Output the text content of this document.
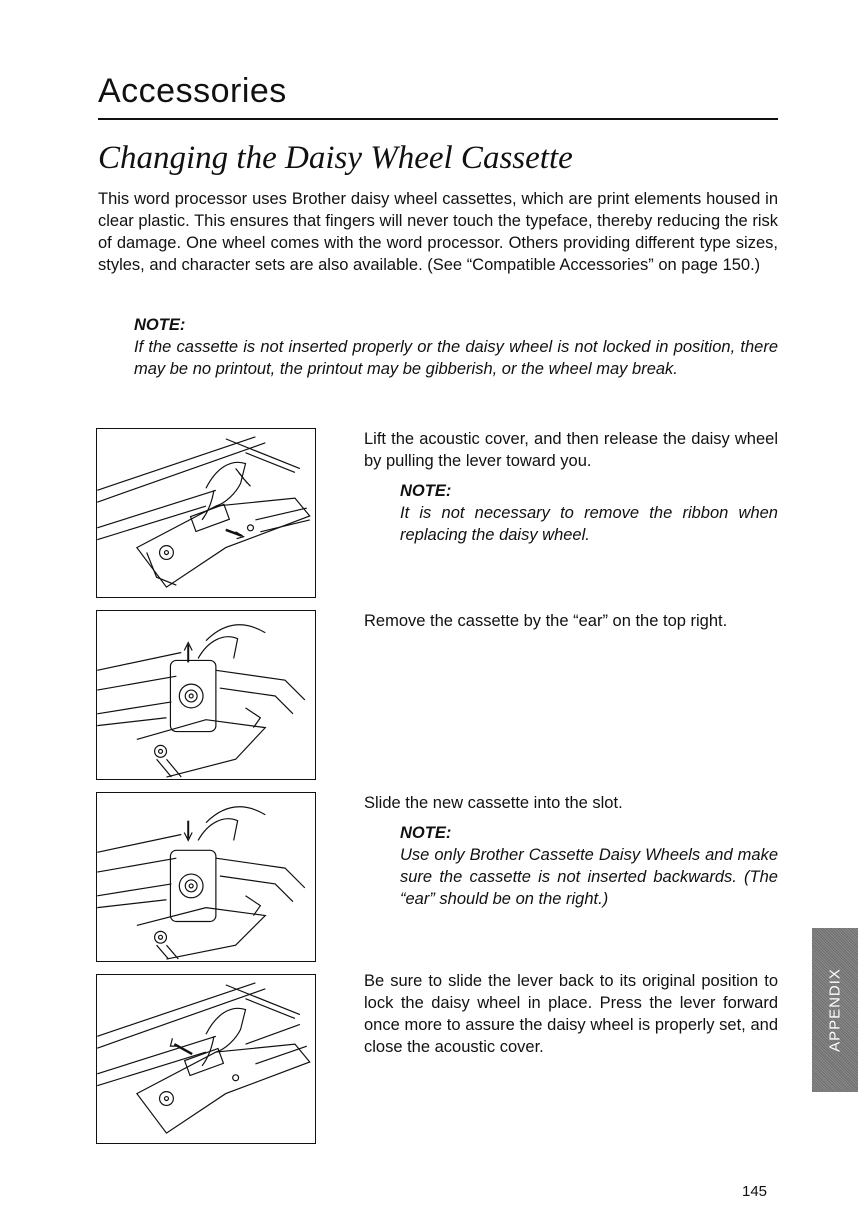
Accessories
Changing the Daisy Wheel Cassette

This word processor uses Brother daisy wheel cassettes, which are print elements housed in clear plastic. This ensures that fingers will never touch the typeface, thereby reducing the risk of damage. One wheel comes with the word processor. Others providing different type sizes, styles, and character sets are also available. (See “Compatible Accessories” on page 150.)

NOTE:

If the cassette is not inserted properly or the daisy wheel is not locked in position, there may be no printout, the printout may be gibberish, or the wheel may break.

Lift the acoustic cover, and then release the daisy wheel by pulling the lever toward you.

NOTE:

It is not necessary to remove the ribbon when replacing the daisy wheel.

Remove the cassette by the “ear” on the top right.

Slide the new cassette into the slot.

NOTE:

Use only Brother Cassette Daisy Wheels and make sure the cassette is not inserted backwards. (The “ear” should be on the right.)

Be sure to slide the lever back to its original position to lock the daisy wheel in place. Press the lever forward once more to assure the daisy wheel is properly set, and close the acoustic cover.	APPENDIX
145
